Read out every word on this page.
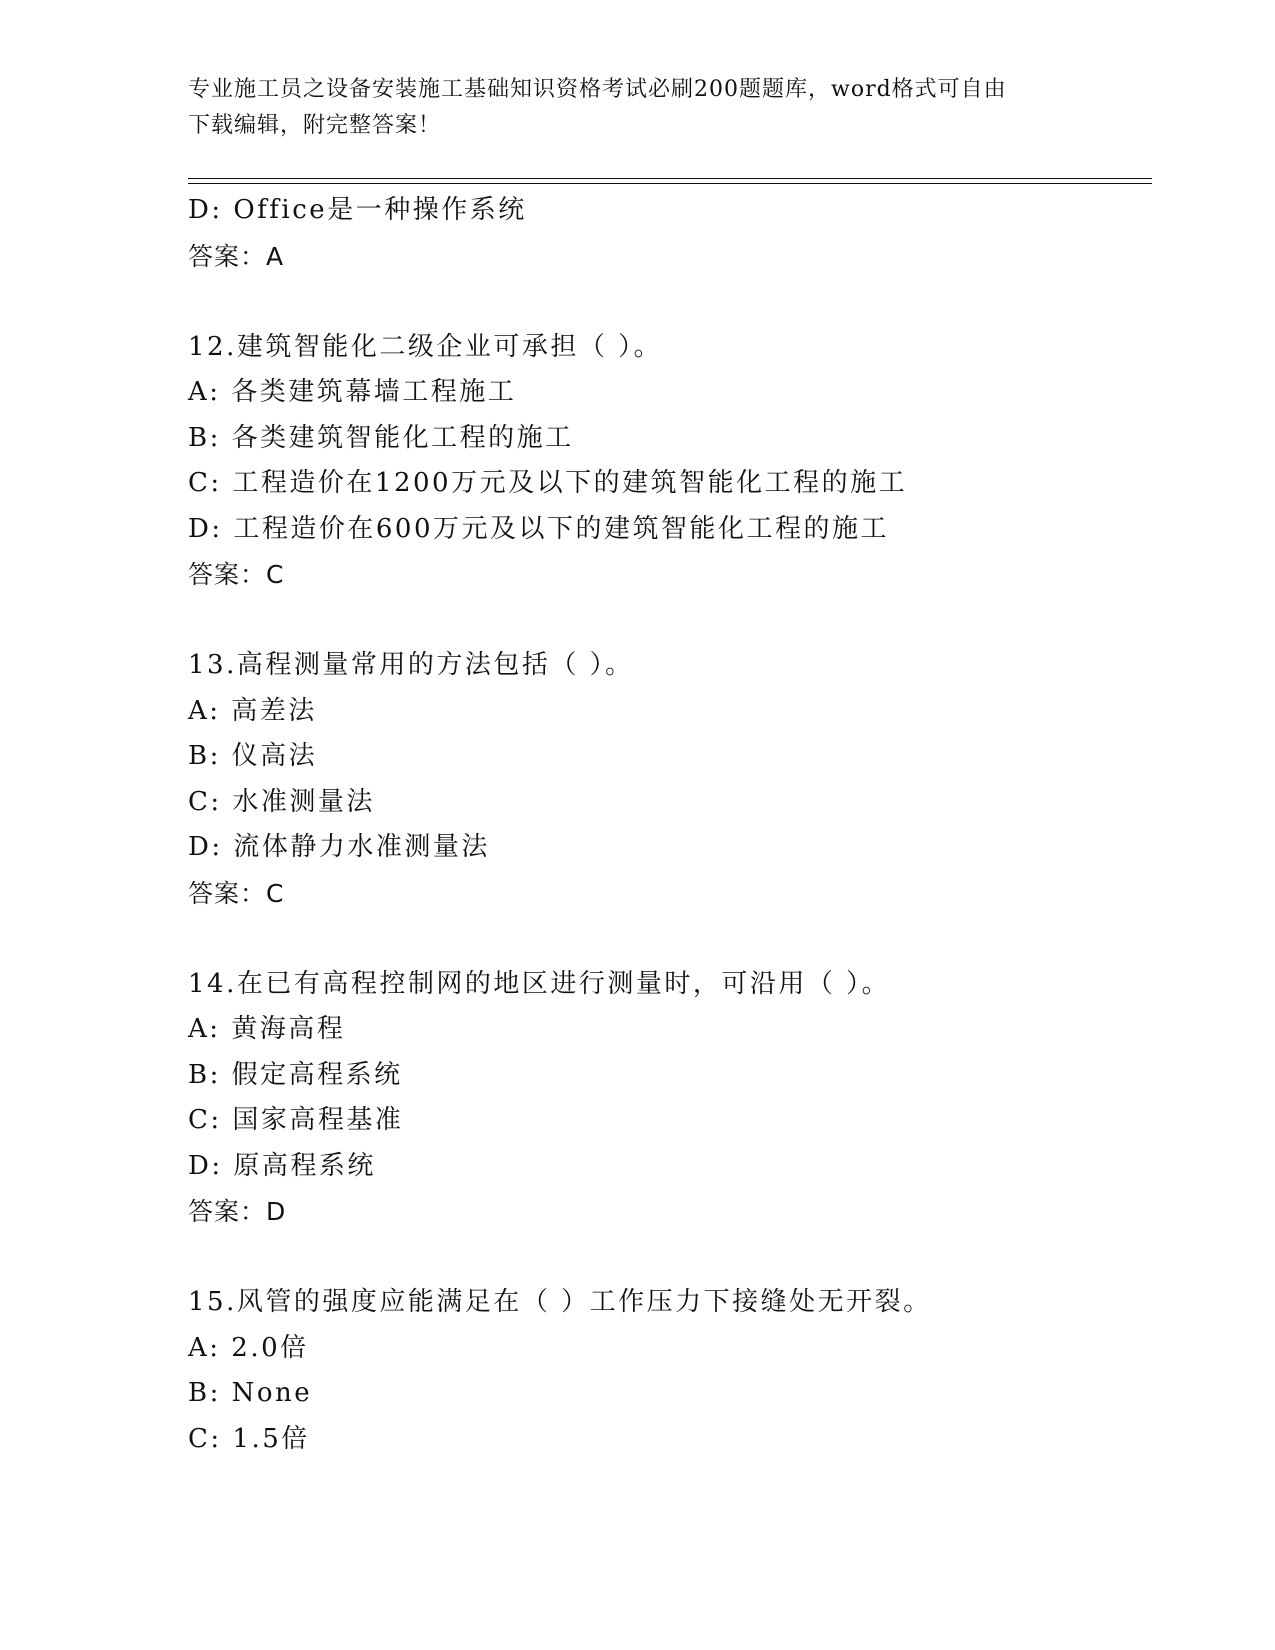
专业施工员之设备安装施工基础知识资格考试必刷200题题库，word格式可自由
下载编辑，附完整答案！
D: Office是一种操作系统
答案：A
12.建筑智能化二级企业可承担（ ）。
A: 各类建筑幕墙工程施工
B: 各类建筑智能化工程的施工
C: 工程造价在1200万元及以下的建筑智能化工程的施工
D: 工程造价在600万元及以下的建筑智能化工程的施工
答案：C
13.高程测量常用的方法包括（ ）。
A: 高差法
B: 仪高法
C: 水准测量法
D: 流体静力水准测量法
答案：C
14.在已有高程控制网的地区进行测量时，可沿用（ ）。
A: 黄海高程
B: 假定高程系统
C: 国家高程基准
D: 原高程系统
答案：D
15.风管的强度应能满足在（ ）工作压力下接缝处无开裂。
A: 2.0倍
B: None
C: 1.5倍
